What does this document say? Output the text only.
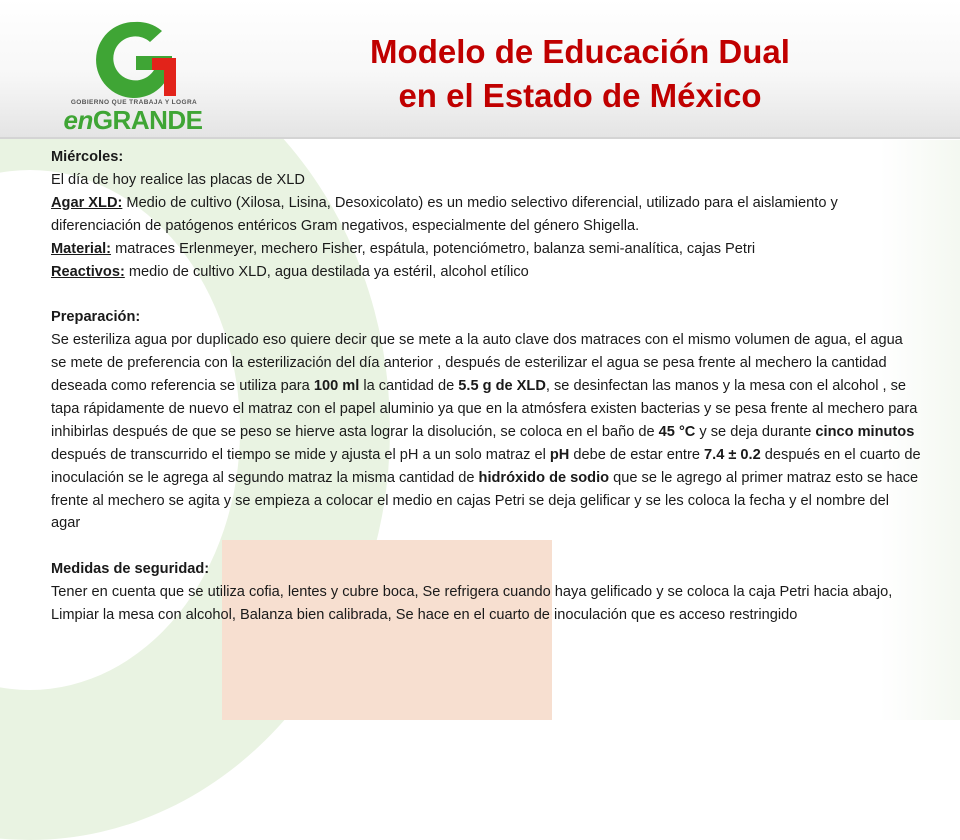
GOBIERNO QUE TRABAJA Y LOGRA
enGRANDE
Modelo de Educación Dual
en el Estado de México

Miércoles:

El día de hoy realice las placas de XLD

Agar XLD: Medio de cultivo (Xilosa, Lisina, Desoxicolato) es un medio selectivo diferencial, utilizado para el aislamiento y diferenciación de patógenos entéricos Gram negativos, especialmente del género Shigella.

Material: matraces Erlenmeyer, mechero Fisher, espátula, potenciómetro, balanza semi-analítica, cajas Petri

Reactivos: medio de cultivo XLD, agua destilada ya estéril, alcohol etílico

Preparación:

Se esteriliza agua por duplicado eso quiere decir que se mete a la auto clave dos matraces con el mismo volumen de agua, el agua se mete de preferencia con la esterilización del día anterior , después de esterilizar el agua se pesa frente al mechero la cantidad deseada como referencia se utiliza para 100 ml la cantidad de 5.5 g de XLD, se desinfectan las manos y la mesa con el alcohol , se tapa rápidamente de nuevo el matraz con el papel aluminio ya que en la atmósfera existen bacterias y se pesa frente al mechero para inhibirlas después de que se peso se hierve asta lograr la disolución, se coloca en el baño de 45 °C y se deja durante cinco minutos después de transcurrido el tiempo se mide y ajusta el pH a un solo matraz el pH debe de estar entre 7.4 ± 0.2 después en el cuarto de inoculación se le agrega al segundo matraz la misma cantidad de hidróxido de sodio que se le agrego al primer matraz esto se hace frente al mechero se agita y se empieza a colocar el medio en cajas Petri se deja gelificar y se les coloca la fecha y el nombre del agar

Medidas de seguridad:

Tener en cuenta que se utiliza cofia, lentes y cubre boca, Se refrigera cuando haya gelificado y se coloca la caja Petri hacia abajo, Limpiar la mesa con alcohol, Balanza bien calibrada, Se hace en el cuarto de inoculación que es acceso restringido
